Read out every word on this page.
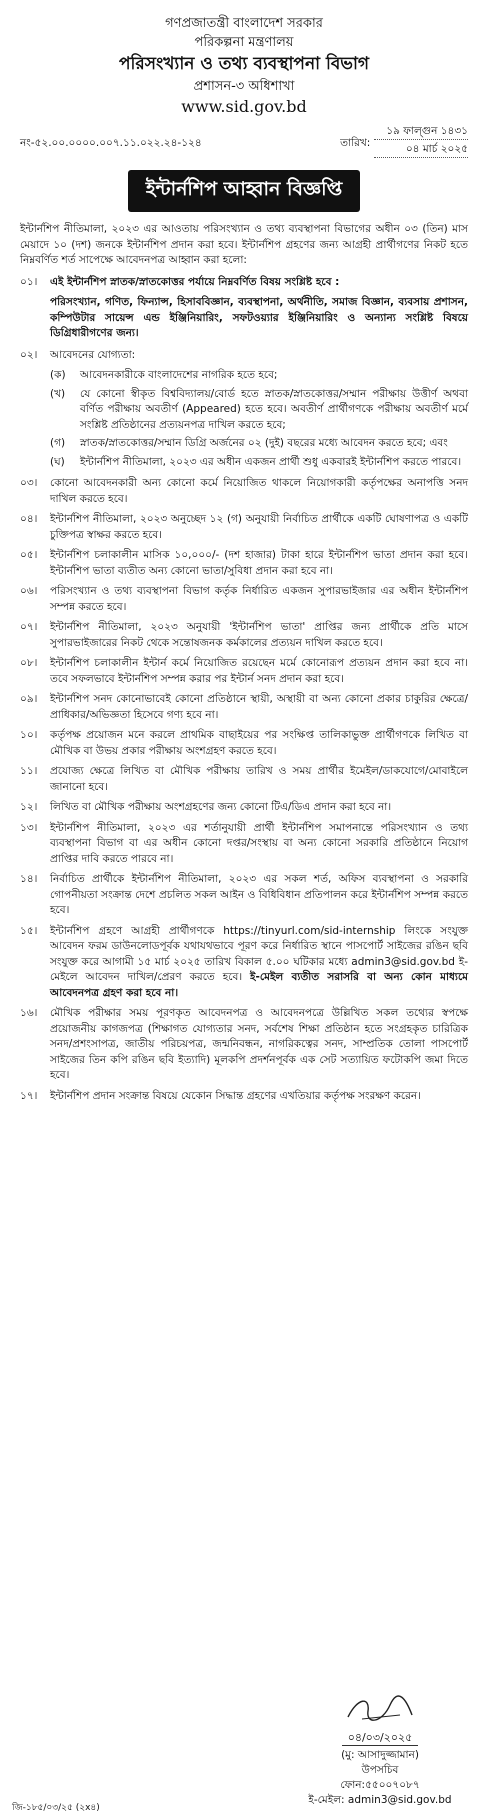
গণপ্রজাতন্ত্রী বাংলাদেশ সরকার
পরিকল্পনা মন্ত্রণালয়
পরিসংখ্যান ও তথ্য ব্যবস্থাপনা বিভাগ
প্রশাসন-৩ অধিশাখা
www.sid.gov.bd
নং-৫২.০০.০০০০.০০৭.১১.০২২.২৪-১২৪	তারিখ:
১৯ ফাল্গুন ১৪৩১
০৪ মার্চ ২০২৫
ইন্টার্নশিপ আহ্বান বিজ্ঞপ্তি
ইন্টার্নশিপ নীতিমালা, ২০২৩ এর আওতায় পরিসংখ্যান ও তথ্য ব্যবস্থাপনা বিভাগের অধীন ০৩ (তিন) মাস মেয়াদে ১০ (দশ) জনকে ইন্টার্নশিপ প্রদান করা হবে। ইন্টার্নশিপ গ্রহণের জন্য আগ্রহী প্রার্থীগণের নিকট হতে নিম্নবর্ণিত শর্ত সাপেক্ষে আবেদনপত্র আহ্বান করা হলো:
০১।	এই ইন্টার্নশিপ স্নাতক/স্নাতকোত্তর পর্যায়ে নিম্নবর্ণিত বিষয় সংশ্লিষ্ট হবে :
পরিসংখ্যান, গণিত, ফিন্যান্স, হিসাববিজ্ঞান, ব্যবস্থাপনা, অর্থনীতি, সমাজ বিজ্ঞান, ব্যবসায় প্রশাসন, কম্পিউটার সায়েন্স এন্ড ইঞ্জিনিয়ারিং, সফটওয়্যার ইঞ্জিনিয়ারিং ও অন্যান্য সংশ্লিষ্ট বিষয়ে ডিগ্রিধারীগণের জন্য।
০২।	আবেদনের যোগ্যতা:
(ক)	আবেদনকারীকে বাংলাদেশের নাগরিক হতে হবে;
(খ)	যে কোনো স্বীকৃত বিশ্ববিদ্যালয়/বোর্ড হতে স্নাতক/স্নাতকোত্তর/সম্মান পরীক্ষায় উত্তীর্ণ অথবা বর্ণিত পরীক্ষায় অবতীর্ণ (Appeared) হতে হবে। অবতীর্ণ প্রার্থীগণকে পরীক্ষায় অবতীর্ণ মর্মে সংশ্লিষ্ট প্রতিষ্ঠানের প্রত্যয়নপত্র দাখিল করতে হবে;
(গ)	স্নাতক/স্নাতকোত্তর/সম্মান ডিগ্রি অর্জনের ০২ (দুই) বছরের মধ্যে আবেদন করতে হবে; এবং
(ঘ)	ইন্টার্নশিপ নীতিমালা, ২০২৩ এর অধীন একজন প্রার্থী শুধু একবারই ইন্টার্নশিপ করতে পারবে।
০৩।	কোনো আবেদনকারী অন্য কোনো কর্মে নিয়োজিত থাকলে নিয়োগকারী কর্তৃপক্ষের অনাপত্তি সনদ দাখিল করতে হবে।
০৪।	ইন্টার্নশিপ নীতিমালা, ২০২৩ অনুচ্ছেদ ১২ (গ) অনুযায়ী নির্বাচিত প্রার্থীকে একটি ঘোষণাপত্র ও একটি চুক্তিপত্র স্বাক্ষর করতে হবে।
০৫।	ইন্টার্নশিপ চলাকালীন মাসিক ১০,০০০/- (দশ হাজার) টাকা হারে ইন্টার্নশিপ ভাতা প্রদান করা হবে। ইন্টার্নশিপ ভাতা ব্যতীত অন্য কোনো ভাতা/সুবিধা প্রদান করা হবে না।
০৬।	পরিসংখ্যান ও তথ্য ব্যবস্থাপনা বিভাগ কর্তৃক নির্ধারিত একজন সুপারভাইজার এর অধীন ইন্টার্নশিপ সম্পন্ন করতে হবে।
০৭।	ইন্টার্নশিপ নীতিমালা, ২০২৩ অনুযায়ী 'ইন্টার্নশিপ ভাতা' প্রাপ্তির জন্য প্রার্থীকে প্রতি মাসে সুপারভাইজারের নিকট থেকে সন্তোষজনক কর্মকালের প্রত্যয়ন দাখিল করতে হবে।
০৮।	ইন্টার্নশিপ চলাকালীন ইন্টার্ন কর্মে নিয়োজিত রয়েছেন মর্মে কোনোরূপ প্রত্যয়ন প্রদান করা হবে না। তবে সফলভাবে ইন্টার্নশিপ সম্পন্ন করার পর ইন্টার্ন সনদ প্রদান করা হবে।
০৯।	ইন্টার্নশিপ সনদ কোনোভাবেই কোনো প্রতিষ্ঠানে স্থায়ী, অস্থায়ী বা অন্য কোনো প্রকার চাকুরির ক্ষেত্রে/প্রাধিকার/অভিজ্ঞতা হিসেবে গণ্য হবে না।
১০।	কর্তৃপক্ষ প্রয়োজন মনে করলে প্রাথমিক বাছাইয়ের পর সংক্ষিপ্ত তালিকাভুক্ত প্রার্থীগণকে লিখিত বা মৌখিক বা উভয় প্রকার পরীক্ষায় অংশগ্রহণ করতে হবে।
১১।	প্রযোজ্য ক্ষেত্রে লিখিত বা মৌখিক পরীক্ষায় তারিখ ও সময় প্রার্থীর ইমেইল/ডাকযোগে/মোবাইলে জানানো হবে।
১২।	লিখিত বা মৌখিক পরীক্ষায় অংশগ্রহণের জন্য কোনো টিএ/ডিএ প্রদান করা হবে না।
১৩।	ইন্টার্নশিপ নীতিমালা, ২০২৩ এর শর্তানুযায়ী প্রার্থী ইন্টার্নশিপ সমাপনান্তে পরিসংখ্যান ও তথ্য ব্যবস্থাপনা বিভাগ বা এর অধীন কোনো দপ্তর/সংস্থায় বা অন্য কোনো সরকারি প্রতিষ্ঠানে নিয়োগ প্রাপ্তির দাবি করতে পারবে না।
১৪।	নির্বাচিত প্রার্থীকে ইন্টার্নশিপ নীতিমালা, ২০২৩ এর সকল শর্ত, অফিস ব্যবস্থাপনা ও সরকারি গোপনীয়তা সংক্রান্ত দেশে প্রচলিত সকল আইন ও বিধিবিধান প্রতিপালন করে ইন্টার্নশিপ সম্পন্ন করতে হবে।
১৫।	ইন্টার্নশিপ গ্রহণে আগ্রহী প্রার্থীগণকে https://tinyurl.com/sid-internship লিংকে সংযুক্ত আবেদন ফরম ডাউনলোডপূর্বক যথাযথভাবে পূরণ করে নির্ধারিত স্থানে পাসপোর্ট সাইজের রঙিন ছবি সংযুক্ত করে আগামী ১৫ মার্চ ২০২৫ তারিখ বিকাল ৫.০০ ঘটিকার মধ্যে admin3@sid.gov.bd ই-মেইলে আবেদন দাখিল/প্রেরণ করতে হবে। ই-মেইল ব্যতীত সরাসরি বা অন্য কোন মাধ্যমে আবেদনপত্র গ্রহণ করা হবে না।
১৬।	মৌখিক পরীক্ষার সময় পূরণকৃত আবেদনপত্র ও আবেদনপত্রে উল্লিখিত সকল তথ্যের স্বপক্ষে প্রয়োজনীয় কাগজপত্র (শিক্ষাগত যোগ্যতার সনদ, সর্বশেষ শিক্ষা প্রতিষ্ঠান হতে সংগ্রহকৃত চারিত্রিক সনদ/প্রশংসাপত্র, জাতীয় পরিচয়পত্র, জন্মনিবন্ধন, নাগরিকত্বের সনদ, সাম্প্রতিক তোলা পাসপোর্ট সাইজের তিন কপি রঙিন ছবি ইত্যাদি) মূলকপি প্রদর্শনপূর্বক এক সেট সত্যায়িত ফটোকপি জমা দিতে হবে।
১৭।	ইন্টার্নশিপ প্রদান সংক্রান্ত বিষয়ে যেকোন সিদ্ধান্ত গ্রহণের এখতিয়ার কর্তৃপক্ষ সংরক্ষণ করেন।
০৪/০৩/২০২৫
(মু: আসাদুজ্জামান)
উপসচিব
ফোন:৫৫০০৭০৮৭
ই-মেইল: admin3@sid.gov.bd
জি-১৮৫/০৩/২৫ (২x৪)
